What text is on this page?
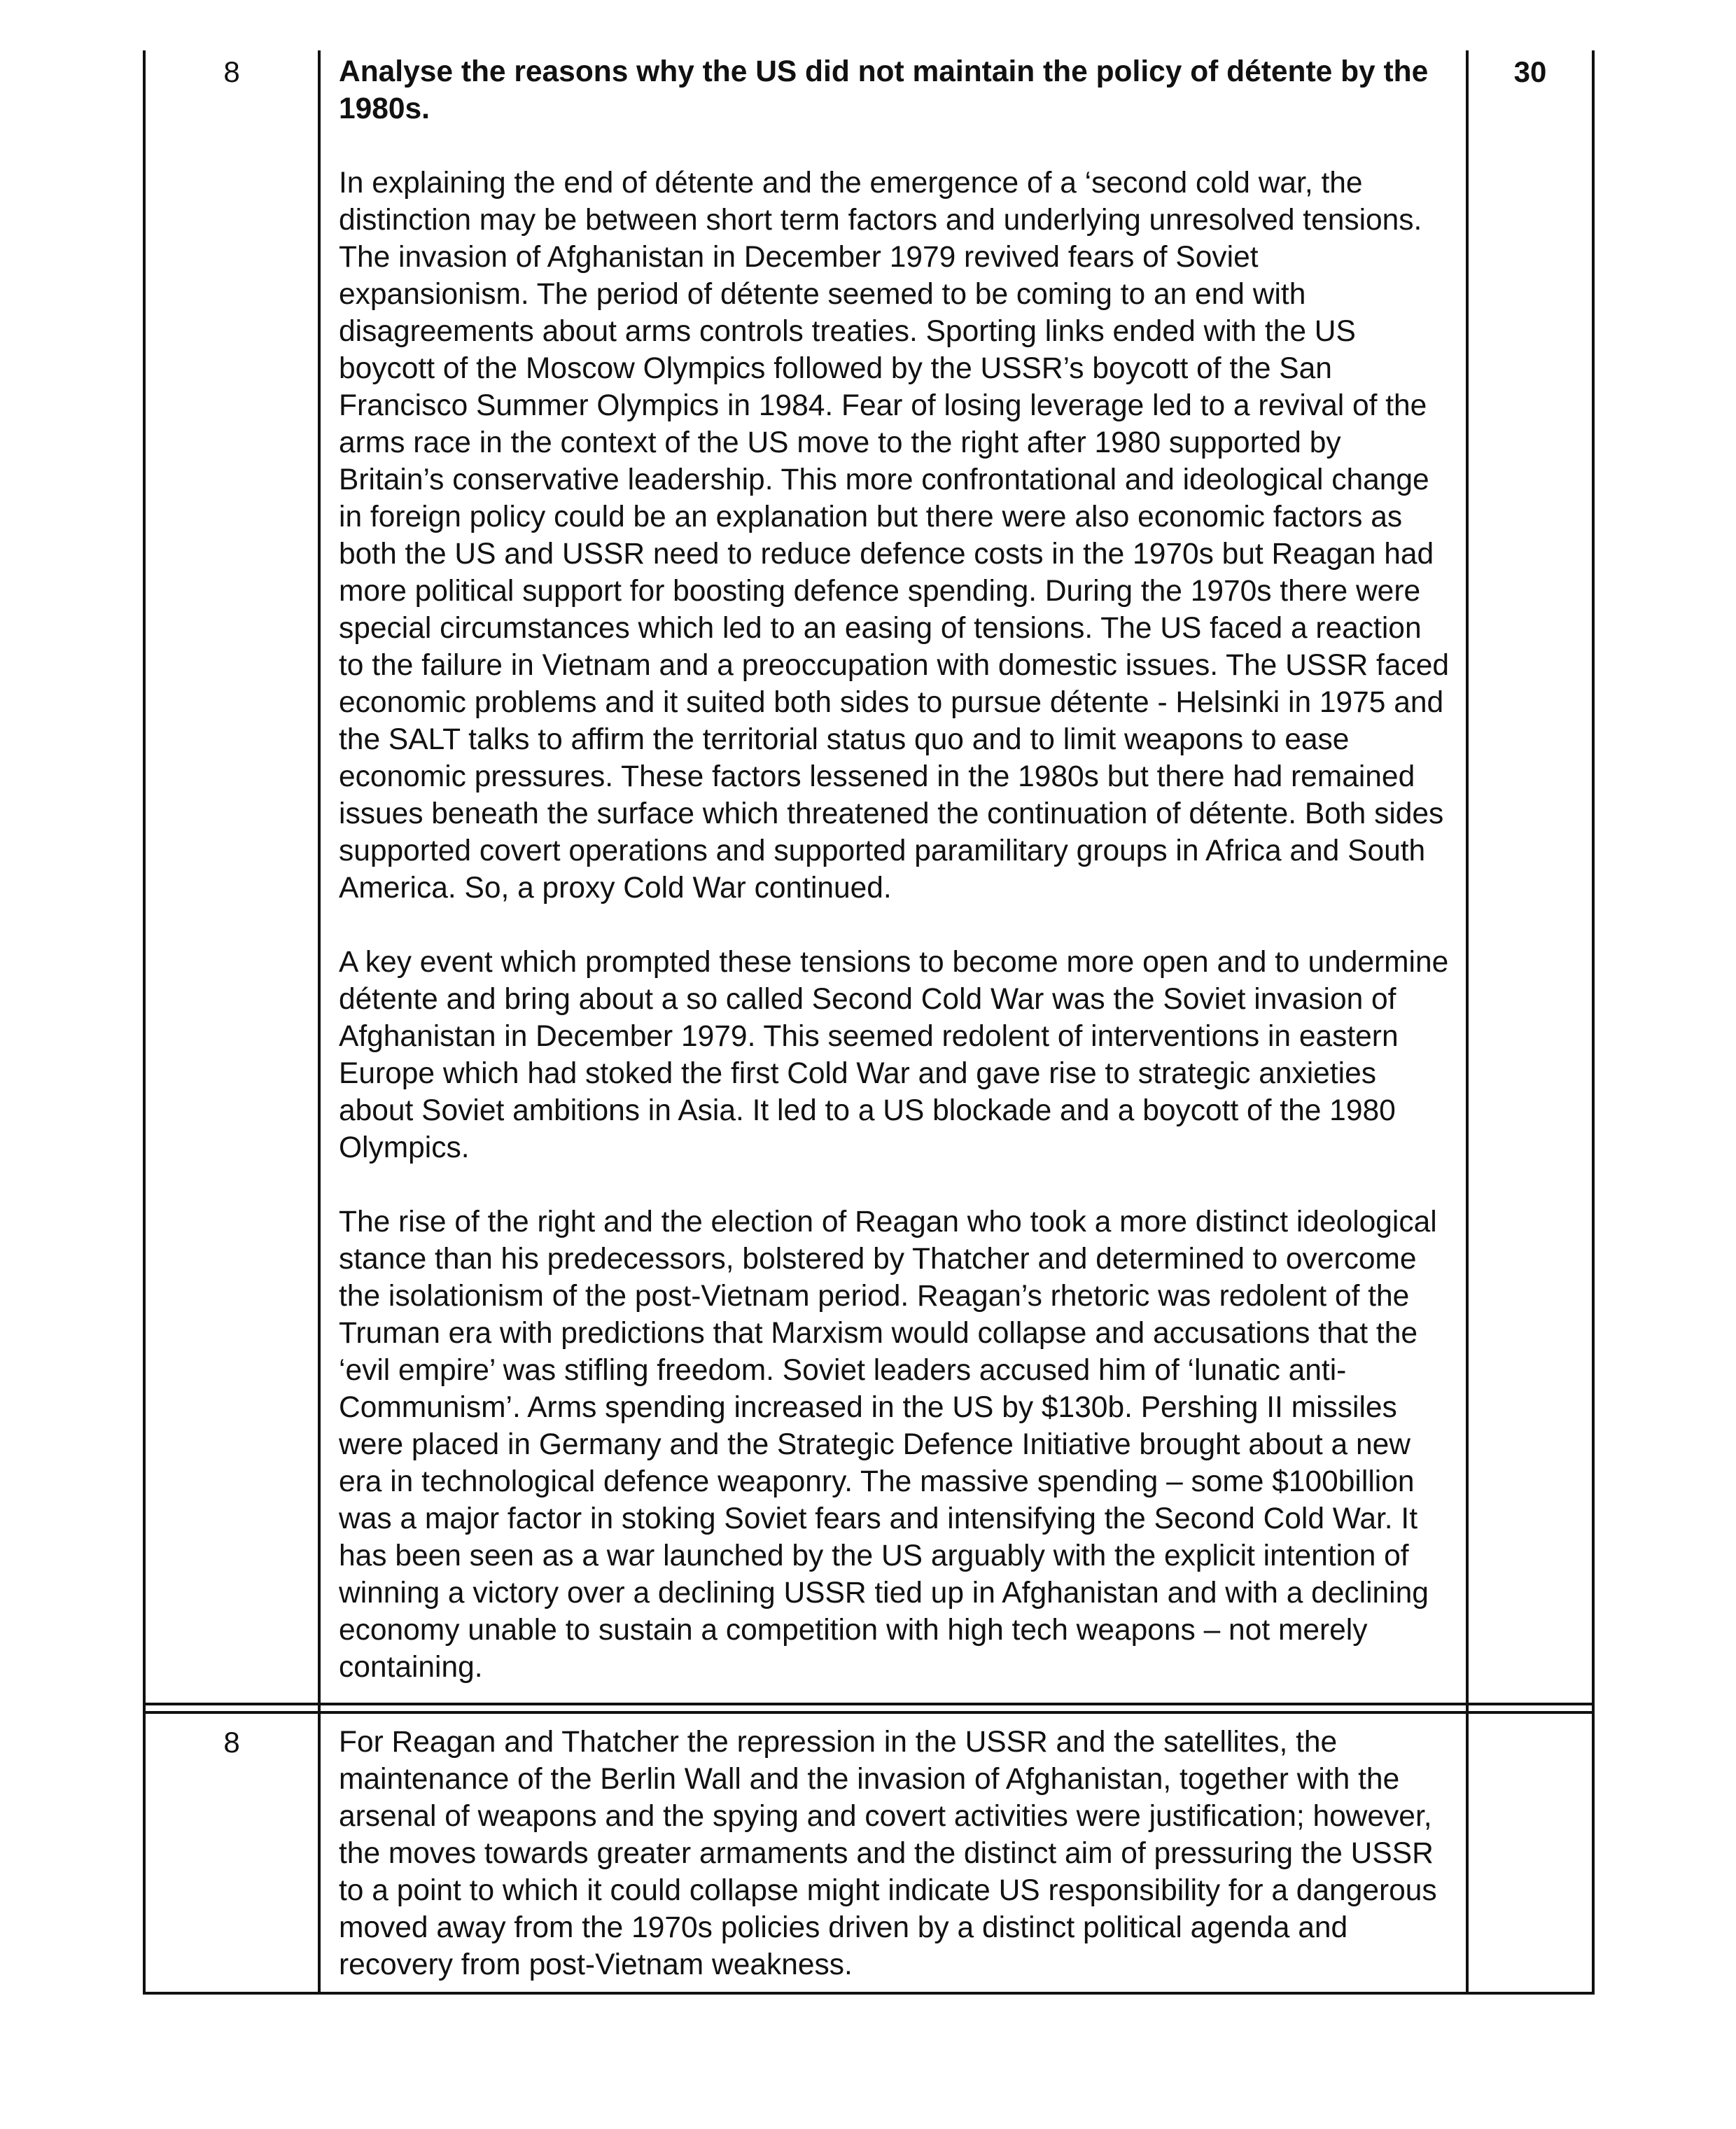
8	Analyse the reasons why the US did not maintain the policy of détente by the 1980s.

In explaining the end of détente and the emergence of a ‘second cold war, the distinction may be between short term factors and underlying unresolved tensions. The invasion of Afghanistan in December 1979 revived fears of Soviet expansionism. The period of détente seemed to be coming to an end with disagreements about arms controls treaties. Sporting links ended with the US boycott of the Moscow Olympics followed by the USSR’s boycott of the San Francisco Summer Olympics in 1984. Fear of losing leverage led to a revival of the arms race in the context of the US move to the right after 1980 supported by Britain’s conservative leadership. This more confrontational and ideological change in foreign policy could be an explanation but there were also economic factors as both the US and USSR need to reduce defence costs in the 1970s but Reagan had more political support for boosting defence spending. During the 1970s there were special circumstances which led to an easing of tensions. The US faced a reaction to the failure in Vietnam and a preoccupation with domestic issues. The USSR faced economic problems and it suited both sides to pursue détente - Helsinki in 1975 and the SALT talks to affirm the territorial status quo and to limit weapons to ease economic pressures. These factors lessened in the 1980s but there had remained issues beneath the surface which threatened the continuation of détente. Both sides supported covert operations and supported paramilitary groups in Africa and South America. So, a proxy Cold War continued.

A key event which prompted these tensions to become more open and to undermine détente and bring about a so called Second Cold War was the Soviet invasion of Afghanistan in December 1979. This seemed redolent of interventions in eastern Europe which had stoked the first Cold War and gave rise to strategic anxieties about Soviet ambitions in Asia. It led to a US blockade and a boycott of the 1980 Olympics.

The rise of the right and the election of Reagan who took a more distinct ideological stance than his predecessors, bolstered by Thatcher and determined to overcome the isolationism of the post-Vietnam period. Reagan’s rhetoric was redolent of the Truman era with predictions that Marxism would collapse and accusations that the ‘evil empire’ was stifling freedom. Soviet leaders accused him of ‘lunatic anti-Communism’. Arms spending increased in the US by $130b. Pershing II missiles were placed in Germany and the Strategic Defence Initiative brought about a new era in technological defence weaponry. The massive spending – some $100billion was a major factor in stoking Soviet fears and intensifying the Second Cold War. It has been seen as a war launched by the US arguably with the explicit intention of winning a victory over a declining USSR tied up in Afghanistan and with a declining economy unable to sustain a competition with high tech weapons – not merely containing.	30

8	For Reagan and Thatcher the repression in the USSR and the satellites, the maintenance of the Berlin Wall and the invasion of Afghanistan, together with the arsenal of weapons and the spying and covert activities were justification; however, the moves towards greater armaments and the distinct aim of pressuring the USSR to a point to which it could collapse might indicate US responsibility for a dangerous moved away from the 1970s policies driven by a distinct political agenda and recovery from post-Vietnam weakness.	
